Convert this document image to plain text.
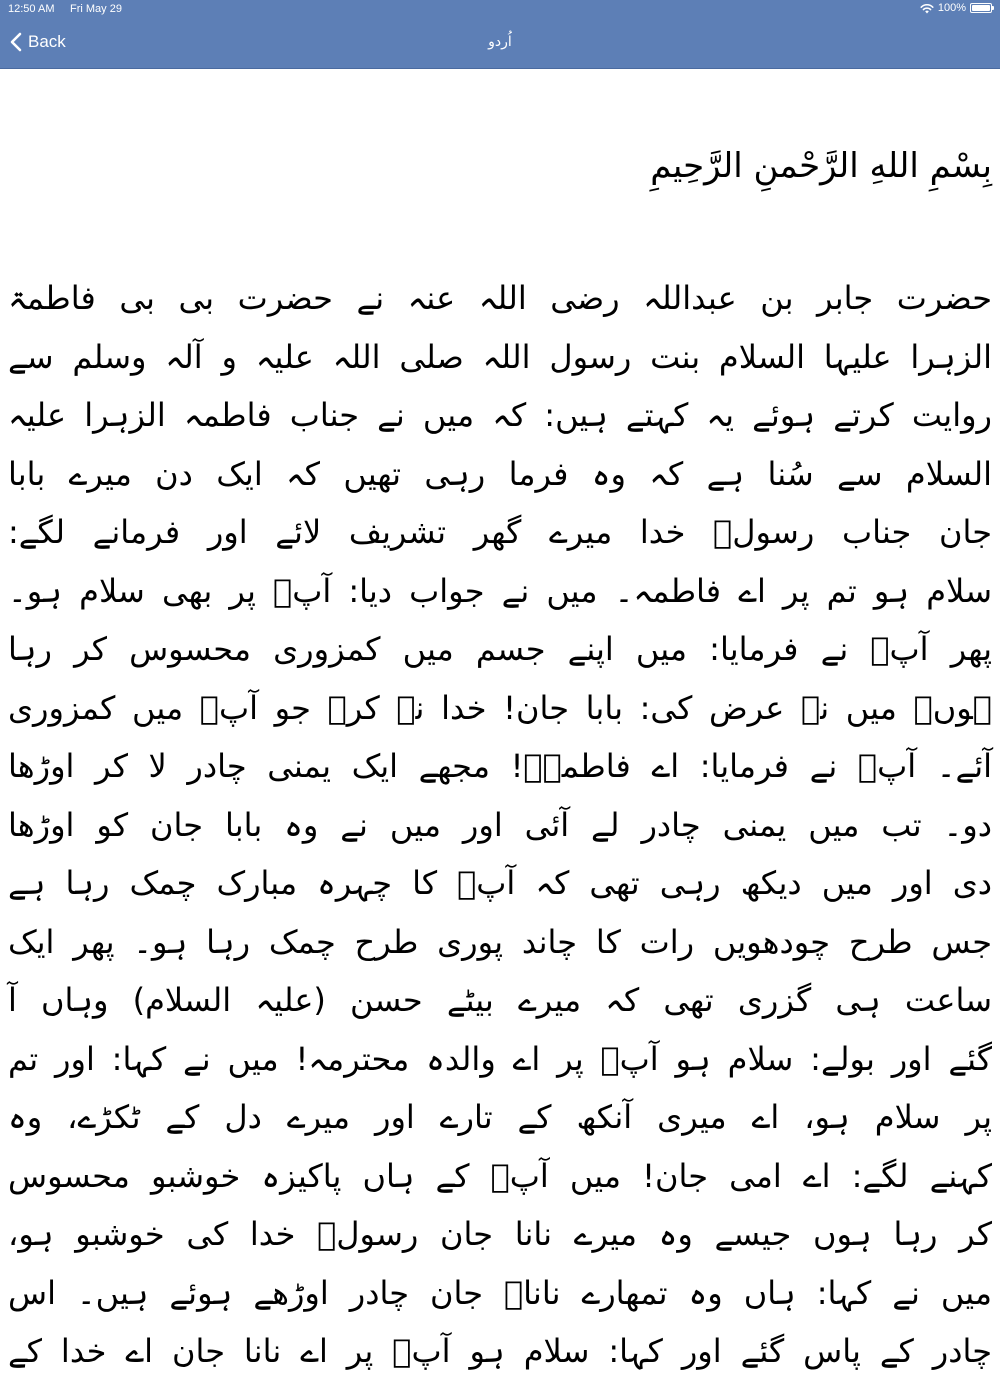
12:50 AM Fri May 29	100%
Back	اُردو
بِسْمِ اللهِ الرَّحْمنِ الرَّحِيمِ
حضرت جابر بن عبداللہ رضی اللہ عنہ نے حضرت بی بی فاطمۃ
الزہرا علیہا السلام بنت رسول اللہ صلی اللہ علیہ و آلہ وسلم سے
روایت کرتے ہوئے یہ کہتے ہیں: کہ میں نے جناب فاطمہ الزہرا علیہ
السلام سے سُنا ہے کہ وہ فرما رہی تھیں کہ ایک دن میرے بابا
جان جناب رسولؐ خدا میرے گھر تشریف لائے اور فرمانے لگے:
سلام ہو تم پر اے فاطمہ۔ میں نے جواب دیا: آپؐ پر بھی سلام ہو۔
پھر آپؐ نے فرمایا: میں اپنے جسم میں کمزوری محسوس کر رہا
ہوں۔ میں نے عرض کی: بابا جان! خدا نہ کرے جو آپؐ میں کمزوری
آئے۔ آپؐ نے فرمایا: اے فاطمہؑ! مجھے ایک یمنی چادر لا کر اوڑھا
دو۔ تب میں یمنی چادر لے آئی اور میں نے وہ بابا جان کو اوڑھا
دی اور میں دیکھ رہی تھی کہ آپؐ کا چہرہ مبارک چمک رہا ہے
جس طرح چودھویں رات کا چاند پوری طرح چمک رہا ہو۔ پھر ایک
ساعت ہی گزری تھی کہ میرے بیٹے حسن (علیہ السلام) وہاں آ
گئے اور بولے: سلام ہو آپؐ پر اے والدہ محترمہ! میں نے کہا: اور تم
پر سلام ہو، اے میری آنکھ کے تارے اور میرے دل کے ٹکڑے، وہ
کہنے لگے: اے امی جان! میں آپؑ کے ہاں پاکیزہ خوشبو محسوس
کر رہا ہوں جیسے وہ میرے نانا جان رسولؐ خدا کی خوشبو ہو،
میں نے کہا: ہاں وہ تمھارے ناناؐ جان چادر اوڑھے ہوئے ہیں۔ اس
چادر کے پاس گئے اور کہا: سلام ہو آپؐ پر اے نانا جان اے خدا کے
